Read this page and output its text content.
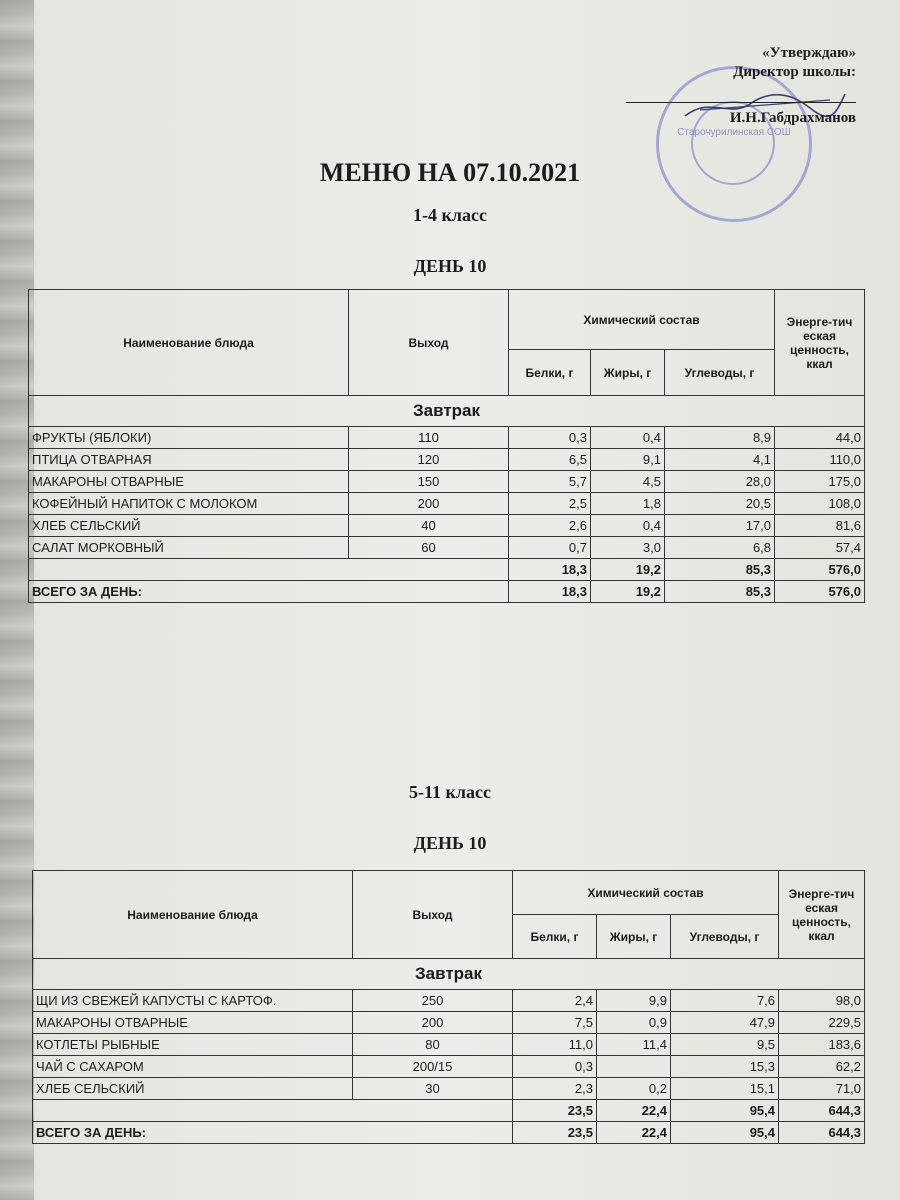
Старочурилинская СОШ
«Утверждаю»
Директор школы:
И.Н.Габдрахманов
МЕНЮ НА 07.10.2021
1-4 класс
ДЕНЬ 10
Наименование блюда	Выход	Химический состав			Энерге-тич
еская ценность, ккал

		Белки, г	Жиры, г	Углеводы, г	
Завтрак					
ФРУКТЫ (ЯБЛОКИ)	110	0,3	0,4	8,9	44,0
ПТИЦА ОТВАРНАЯ	120	6,5	9,1	4,1	110,0
МАКАРОНЫ ОТВАРНЫЕ	150	5,7	4,5	28,0	175,0
КОФЕЙНЫЙ НАПИТОК С МОЛОКОМ	200	2,5	1,8	20,5	108,0
ХЛЕБ СЕЛЬСКИЙ	40	2,6	0,4	17,0	81,6
САЛАТ МОРКОВНЫЙ	60	0,7	3,0	6,8	57,4
		18,3	19,2	85,3	576,0
ВСЕГО ЗА ДЕНЬ:		18,3	19,2	85,3	576,0
5-11 класс
ДЕНЬ 10
Наименование блюда	Выход	Химический состав			Энерге-тич
еская ценность, ккал

		Белки, г	Жиры, г	Углеводы, г	
Завтрак					
ЩИ ИЗ СВЕЖЕЙ КАПУСТЫ С КАРТОФ.	250	2,4	9,9	7,6	98,0
МАКАРОНЫ ОТВАРНЫЕ	200	7,5	0,9	47,9	229,5
КОТЛЕТЫ РЫБНЫЕ	80	11,0	11,4	9,5	183,6
ЧАЙ С САХАРОМ	200/15	0,3		15,3	62,2
ХЛЕБ СЕЛЬСКИЙ	30	2,3	0,2	15,1	71,0
		23,5	22,4	95,4	644,3
ВСЕГО ЗА ДЕНЬ:		23,5	22,4	95,4	644,3
